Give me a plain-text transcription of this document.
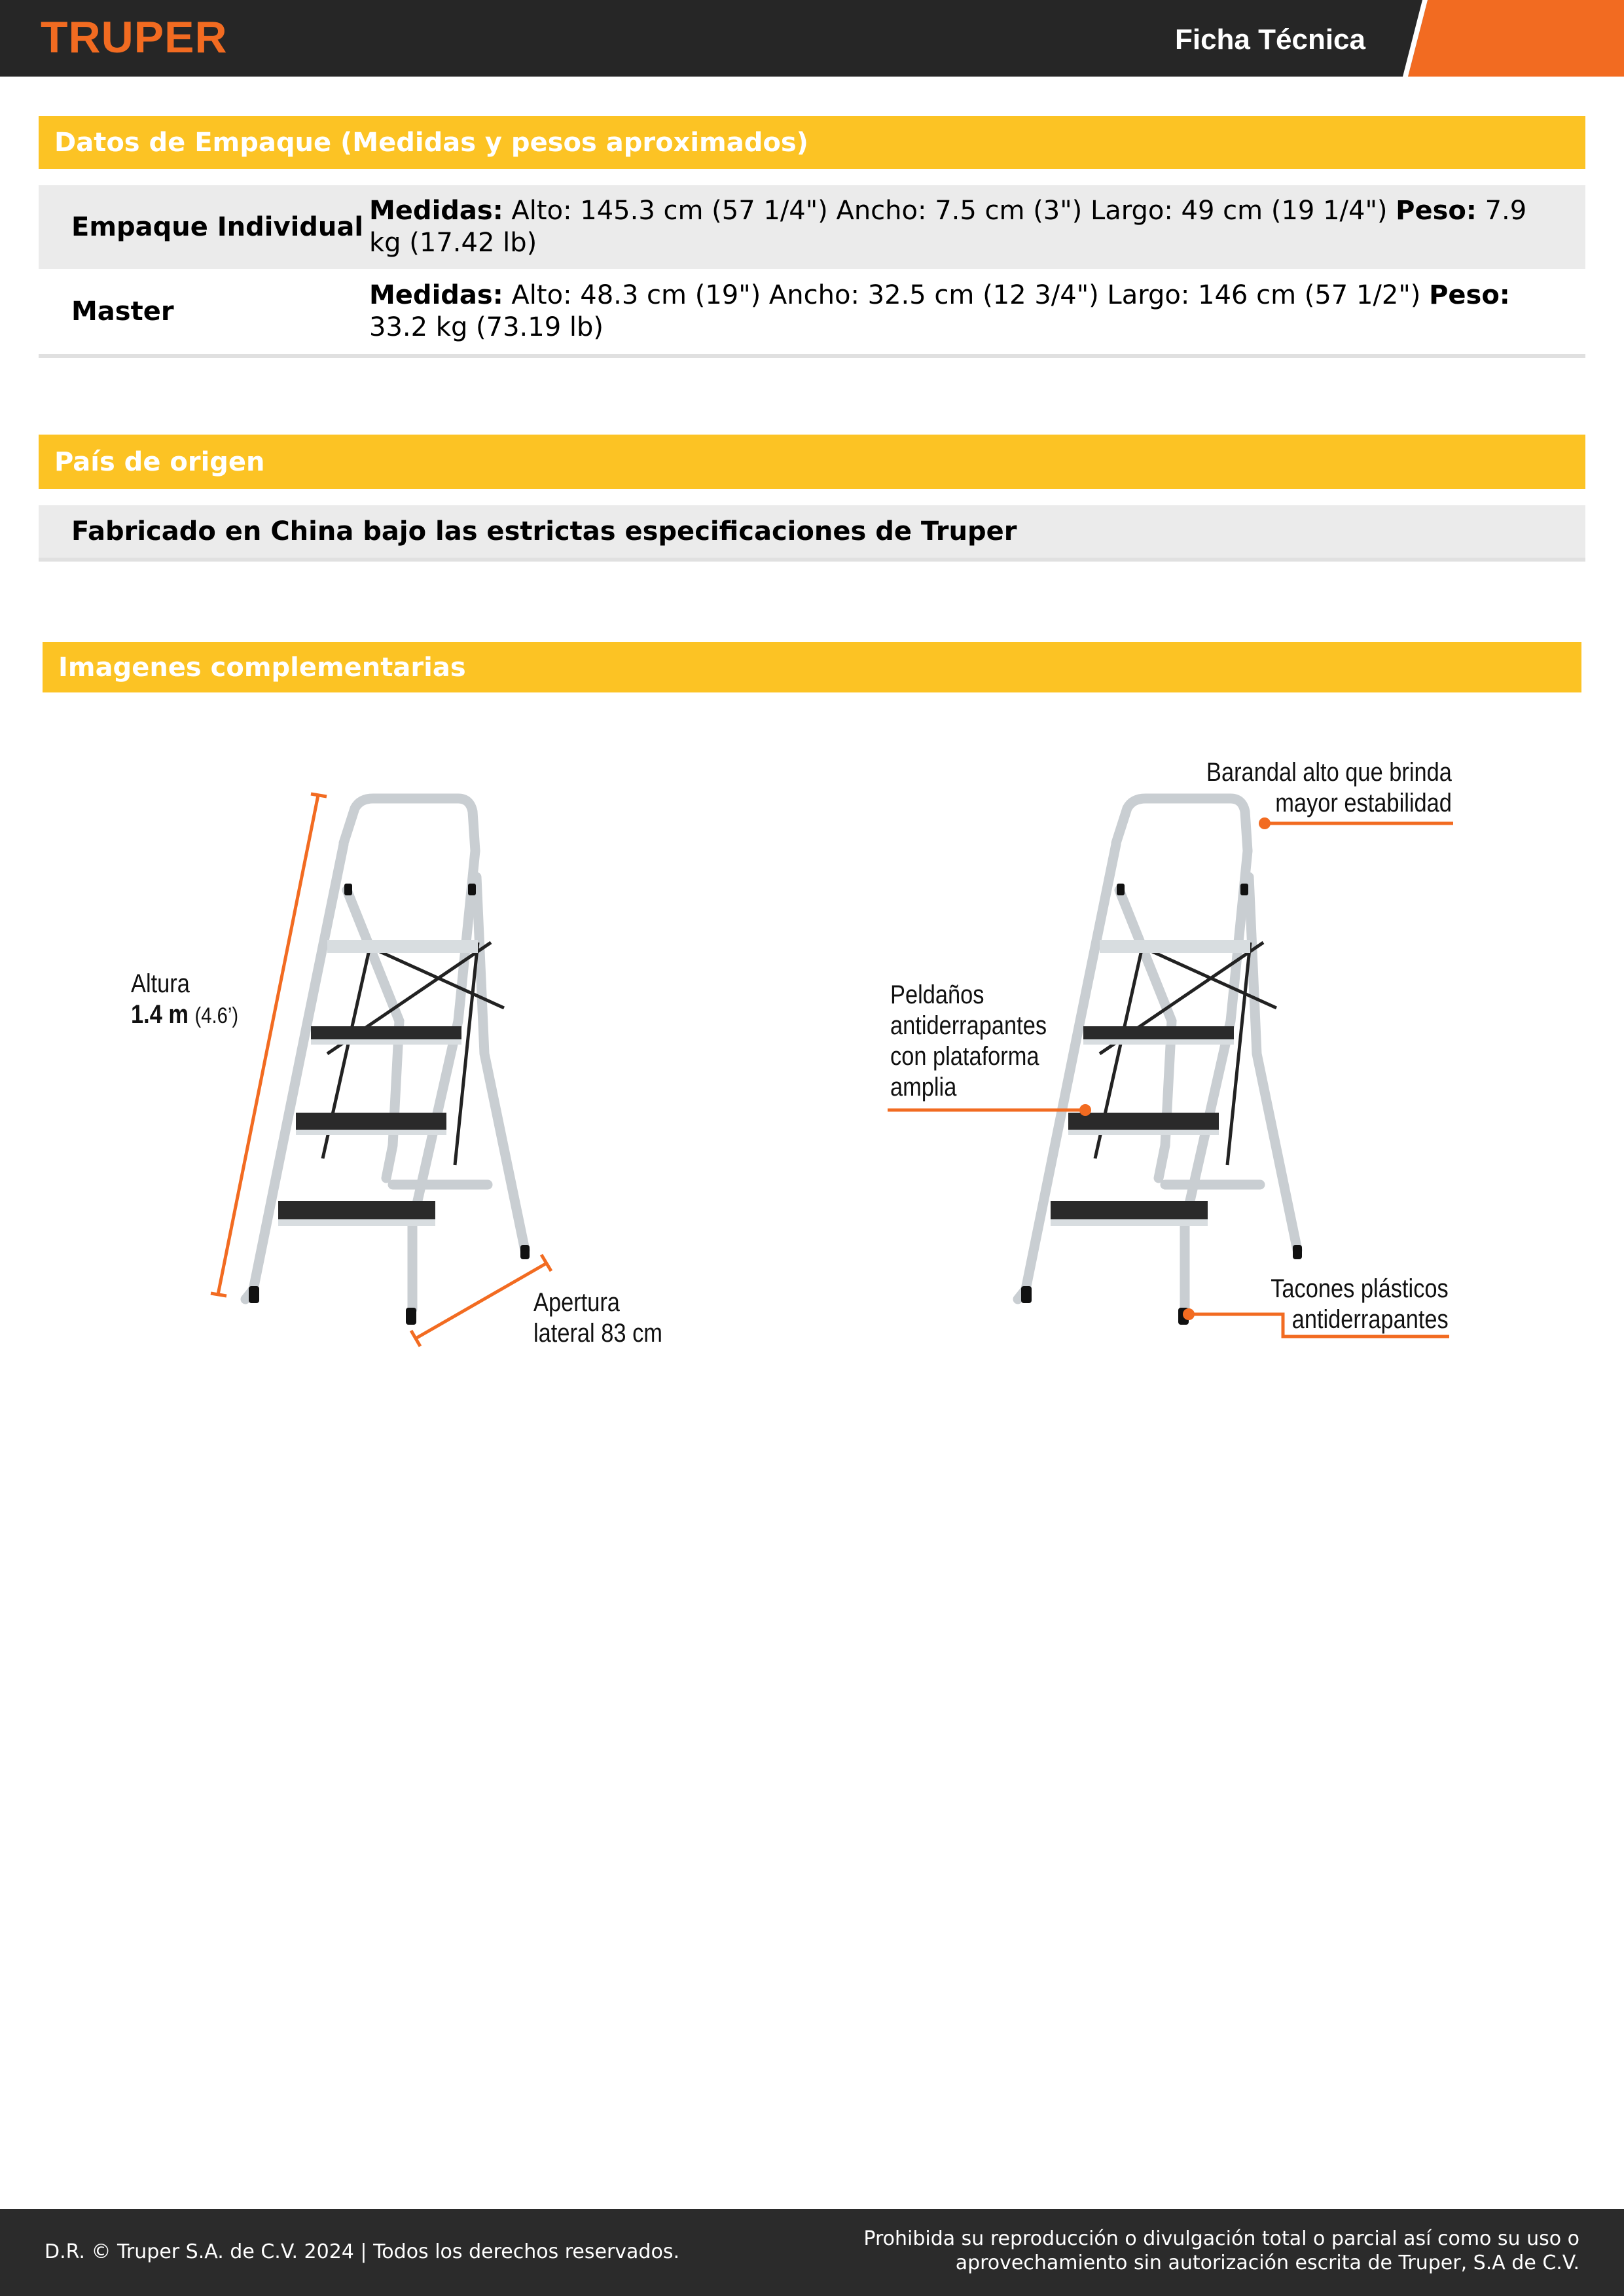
TRUPER	Ficha Técnica
Datos de Empaque (Medidas y pesos aproximados)
Empaque Individual
Medidas: Alto: 145.3 cm (57 1/4") Ancho: 7.5 cm (3") Largo: 49 cm (19 1/4") Peso: 7.9 kg (17.42 lb)
Master
Medidas: Alto: 48.3 cm (19") Ancho: 32.5 cm (12 3/4") Largo: 146 cm (57 1/2") Peso: 33.2 kg (73.19 lb)
País de origen
Fabricado en China bajo las estrictas especificaciones de Truper
Imagenes complementarias
Altura
1.4 m (4.6’)
Apertura
lateral 83 cm
Barandal alto que brinda
mayor estabilidad
Peldaños
antiderrapantes
con plataforma
amplia
Tacones plásticos
antiderrapantes
D.R. © Truper S.A. de C.V. 2024 | Todos los derechos reservados.
Prohibida su reproducción o divulgación total o parcial así como su uso o
aprovechamiento sin autorización escrita de Truper, S.A de C.V.
